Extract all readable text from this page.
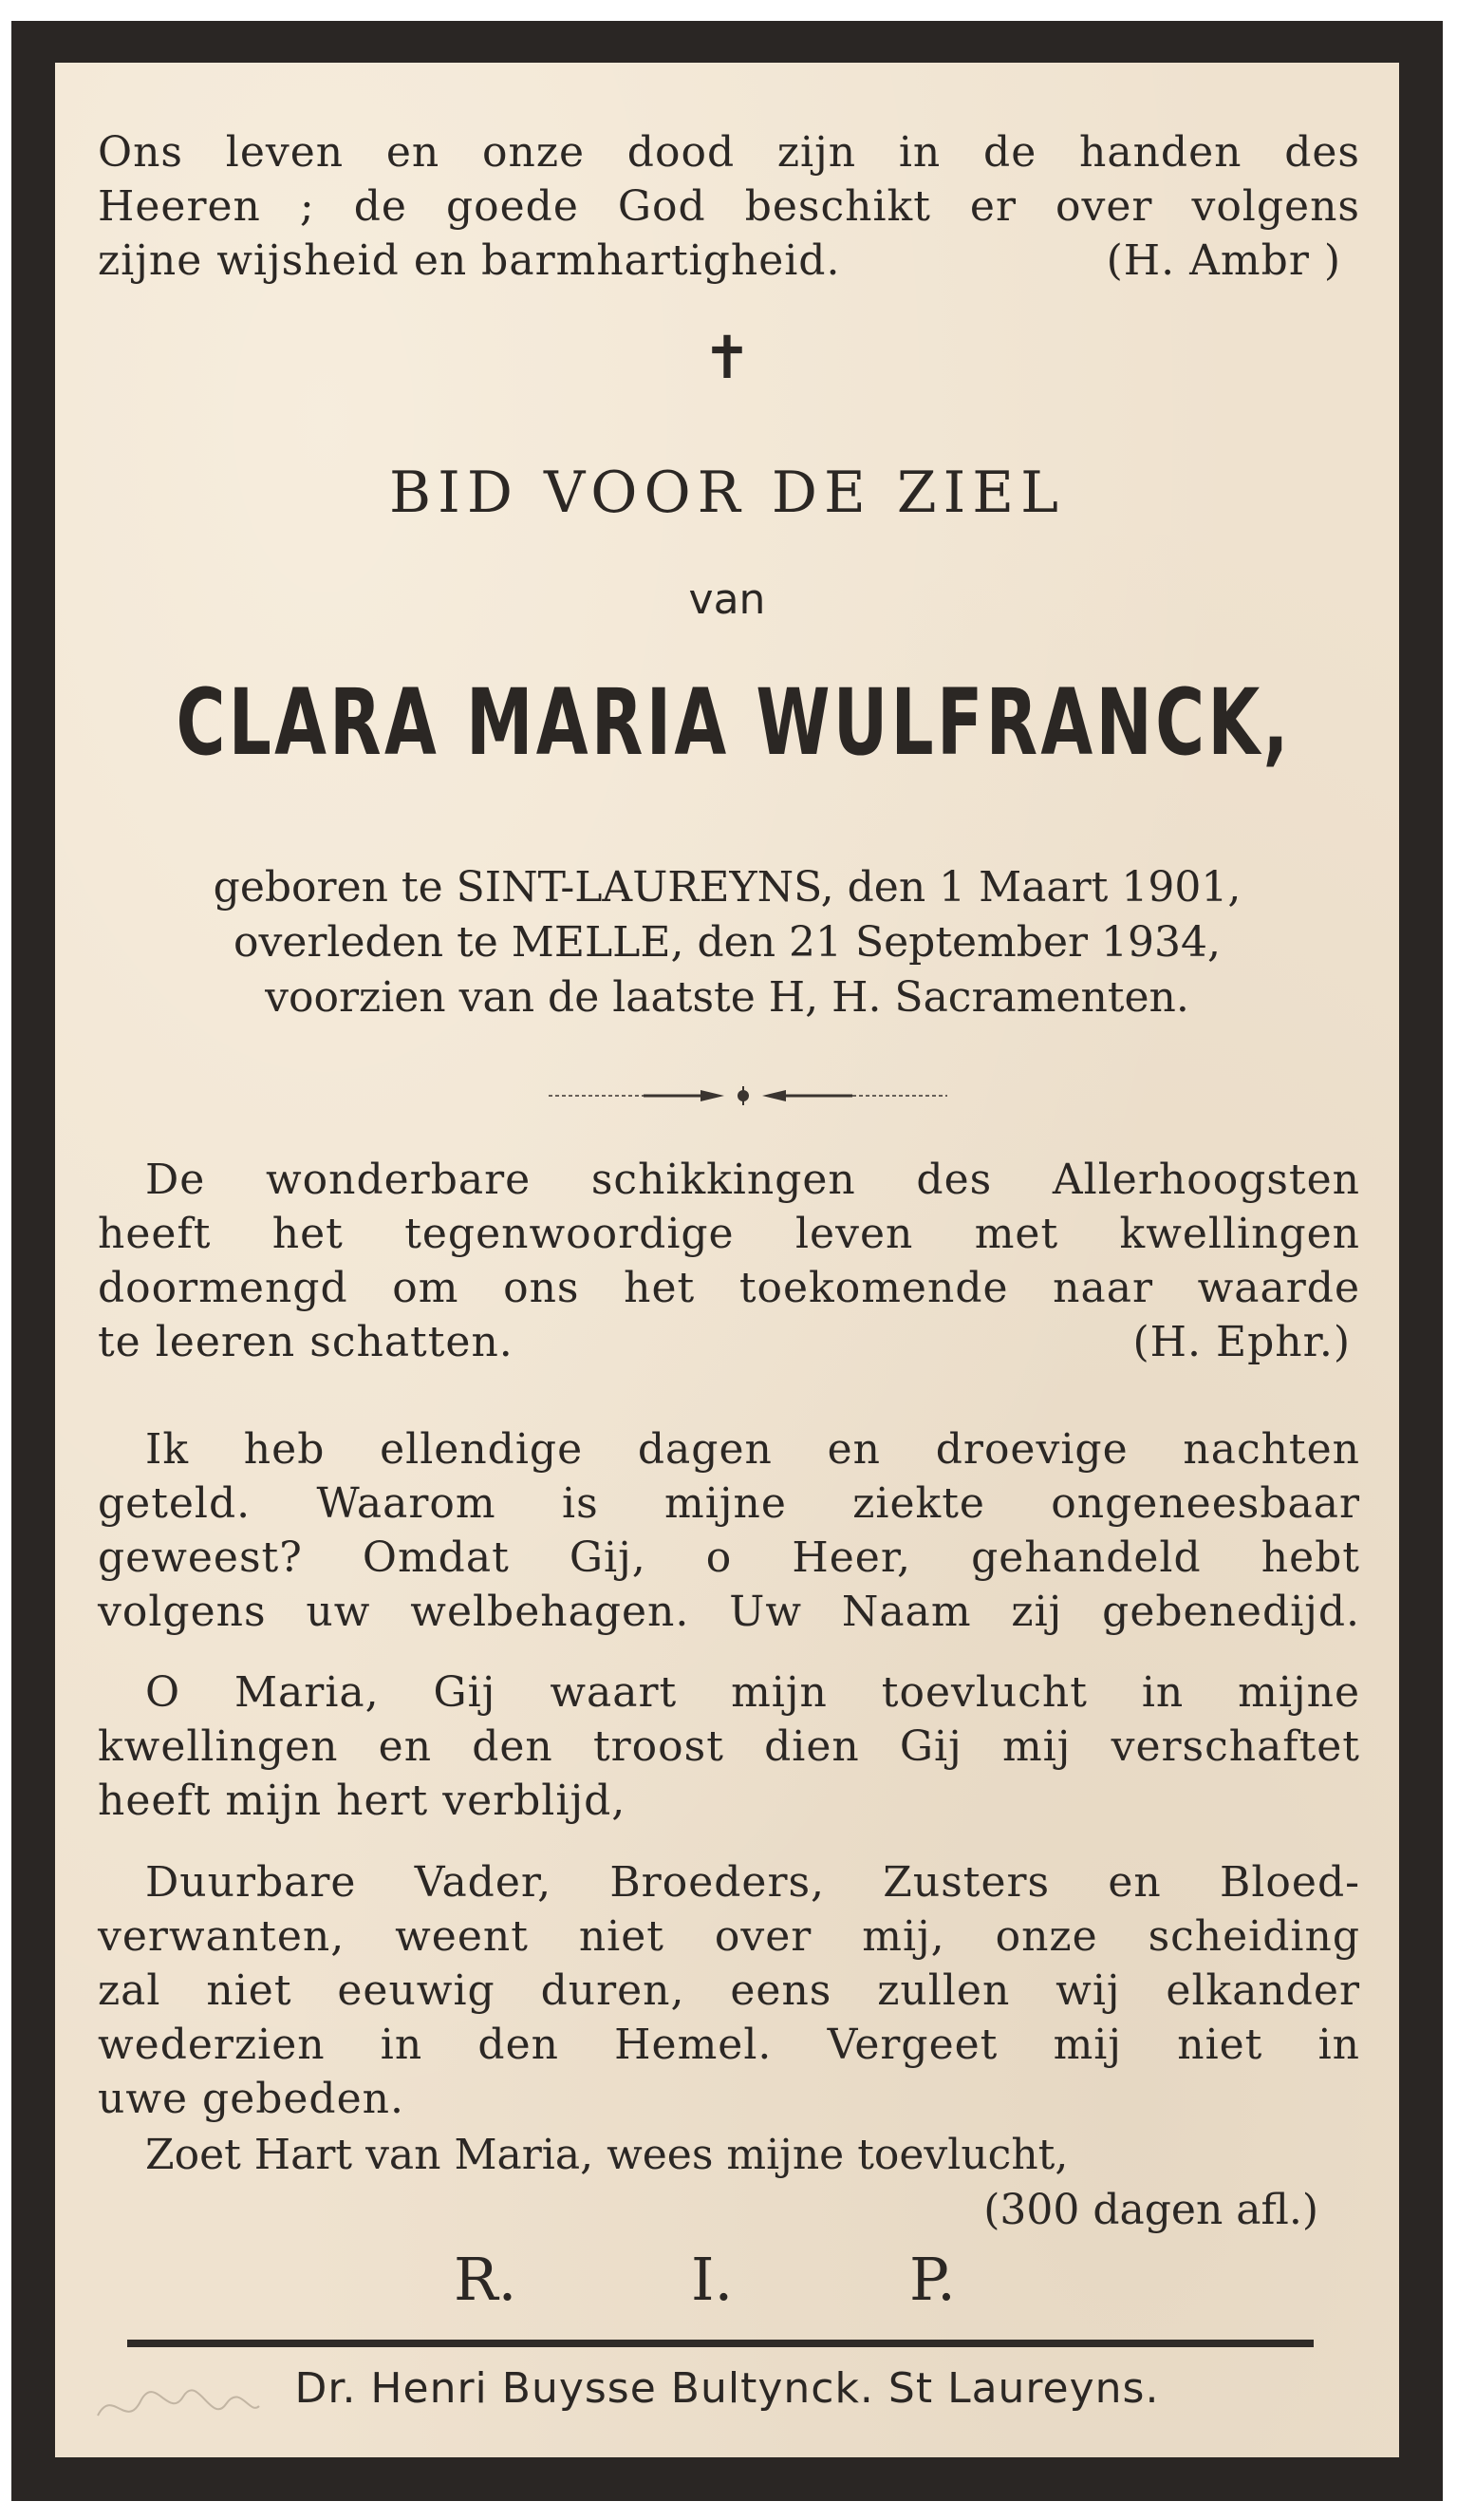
Ons leven en onze dood zijn in de handen des
Heeren ; de goede God beschikt er over volgens
zijne wijsheid en barmhartigheid.	(H. Ambr )
✝
BID VOOR DE ZIEL
van
CLARA MARIA WULFRANCK,
geboren te SINT-LAUREYNS, den 1 Maart 1901,
overleden te MELLE, den 21 September 1934,
voorzien van de laatste H, H. Sacramenten.
De wonderbare schikkingen des Allerhoogsten
heeft het tegenwoordige leven met kwellingen
doormengd om ons het toekomende naar waarde
te leeren schatten.	(H. Ephr.)
Ik heb ellendige dagen en droevige nachten
geteld. Waarom is mijne ziekte ongeneesbaar
geweest? Omdat Gij, o Heer, gehandeld hebt
volgens uw welbehagen. Uw Naam zij gebenedijd.
O Maria, Gij waart mijn toevlucht in mijne
kwellingen en den troost dien Gij mij verschaftet
heeft mijn hert verblijd,
Duurbare Vader, Broeders, Zusters en Bloed-
verwanten, weent niet over mij, onze scheiding
zal niet eeuwig duren, eens zullen wij elkander
wederzien in den Hemel. Vergeet mij niet in
uwe gebeden.
Zoet Hart van Maria, wees mijne toevlucht,
(300 dagen afl.)
R.	I.	P.
Dr. Henri Buysse Bultynck. St Laureyns.
